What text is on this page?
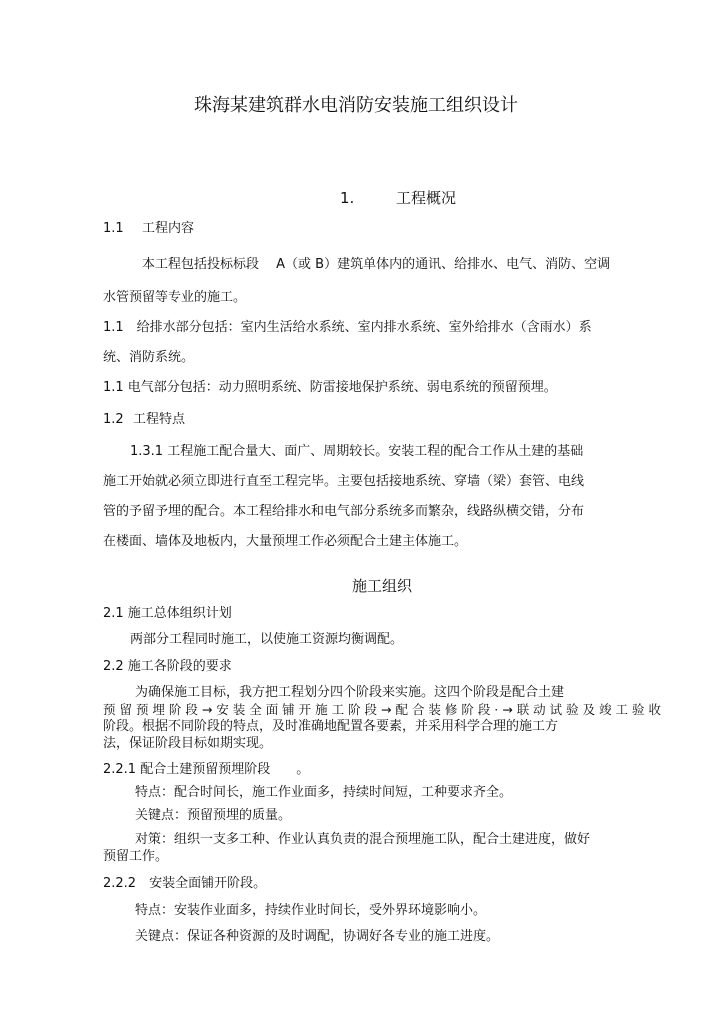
珠海某建筑群水电消防安装施工组织设计
1.	工程概况
1.1 工程内容
本工程包括投标标段　 A（或 B）建筑单体内的通讯、给排水、电气、消防、空调
水管预留等专业的施工。
1.1　给排水部分包括：室内生活给水系统、室内排水系统、室外给排水（含雨水）系
统、消防系统。
1.1 电气部分包括：动力照明系统、防雷接地保护系统、弱电系统的预留预埋。
1.2 工程特点
1.3.1 工程施工配合量大、面广、周期较长。安装工程的配合工作从土建的基础
施工开始就必须立即进行直至工程完毕。主要包括接地系统、穿墙（梁）套管、电线
管的予留予埋的配合。本工程给排水和电气部分系统多而繁杂，线路纵横交错，分布
在楼面、墙体及地板内，大量预埋工作必须配合土建主体施工。
施工组织
2.1 施工总体组织计划
两部分工程同时施工，以使施工资源均衡调配。
2.2 施工各阶段的要求
为确保施工目标，我方把工程划分四个阶段来实施。这四个阶段是配合土建
预 留 预 埋 阶 段 → 安 装 全 面 铺 开 施 工 阶 段 → 配 合 装 修 阶 段 · → 联 动 试 验 及 竣 工 验 收
阶段。根据不同阶段的特点，及时准确地配置各要素，并采用科学合理的施工方
法，保证阶段目标如期实现。
2.2.1 配合土建预留预埋阶段　　。
特点：配合时间长，施工作业面多，持续时间短，工种要求齐全。
关键点：预留预埋的质量。
对策：组织一支多工种、作业认真负责的混合预埋施工队，配合土建进度，做好
预留工作。
2.2.2　安装全面铺开阶段。
特点：安装作业面多，持续作业时间长，受外界环境影响小。
关键点：保证各种资源的及时调配，协调好各专业的施工进度。
